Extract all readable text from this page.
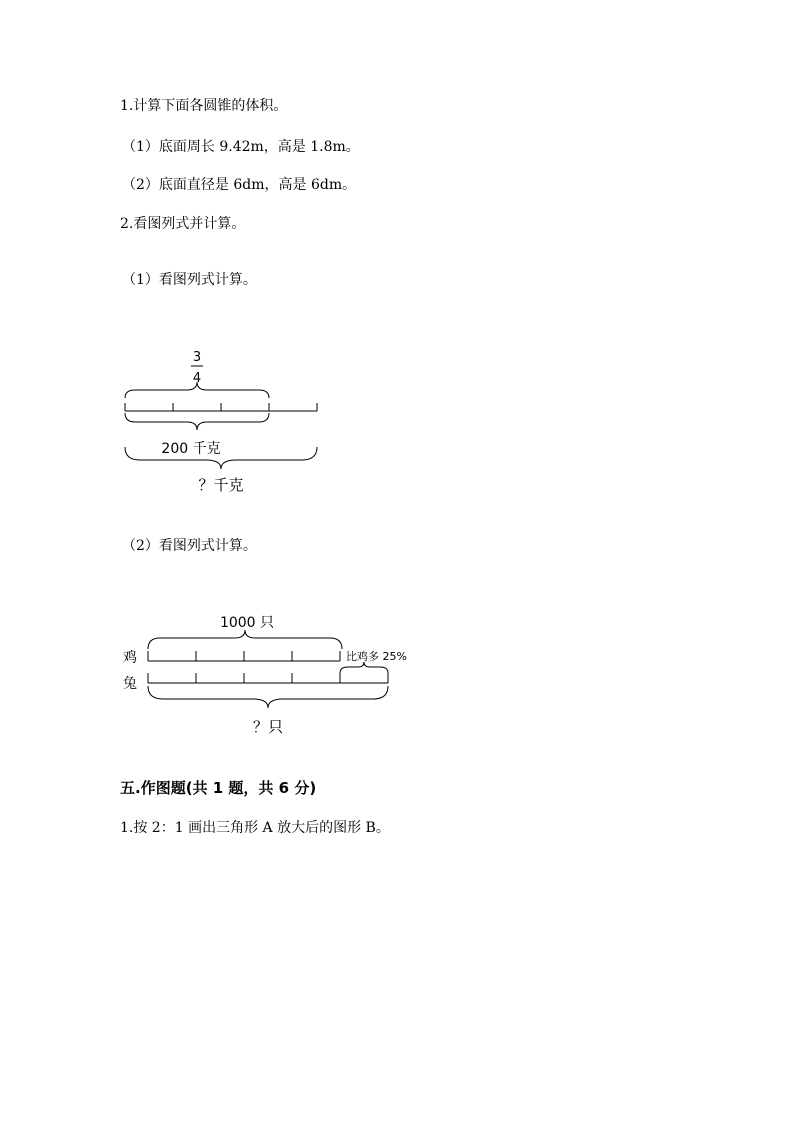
1.计算下面各圆锥的体积。
（1）底面周长 9.42m，高是 1.8m。
（2）底面直径是 6dm，高是 6dm。
2.看图列式并计算。
（1）看图列式计算。
3
4
200 千克
？千克
（2）看图列式计算。
1000 只
鸡	比鸡多 25%
兔
？只
五.作图题(共 1 题，共 6 分)
1.按 2：1 画出三角形 A 放大后的图形 B。
